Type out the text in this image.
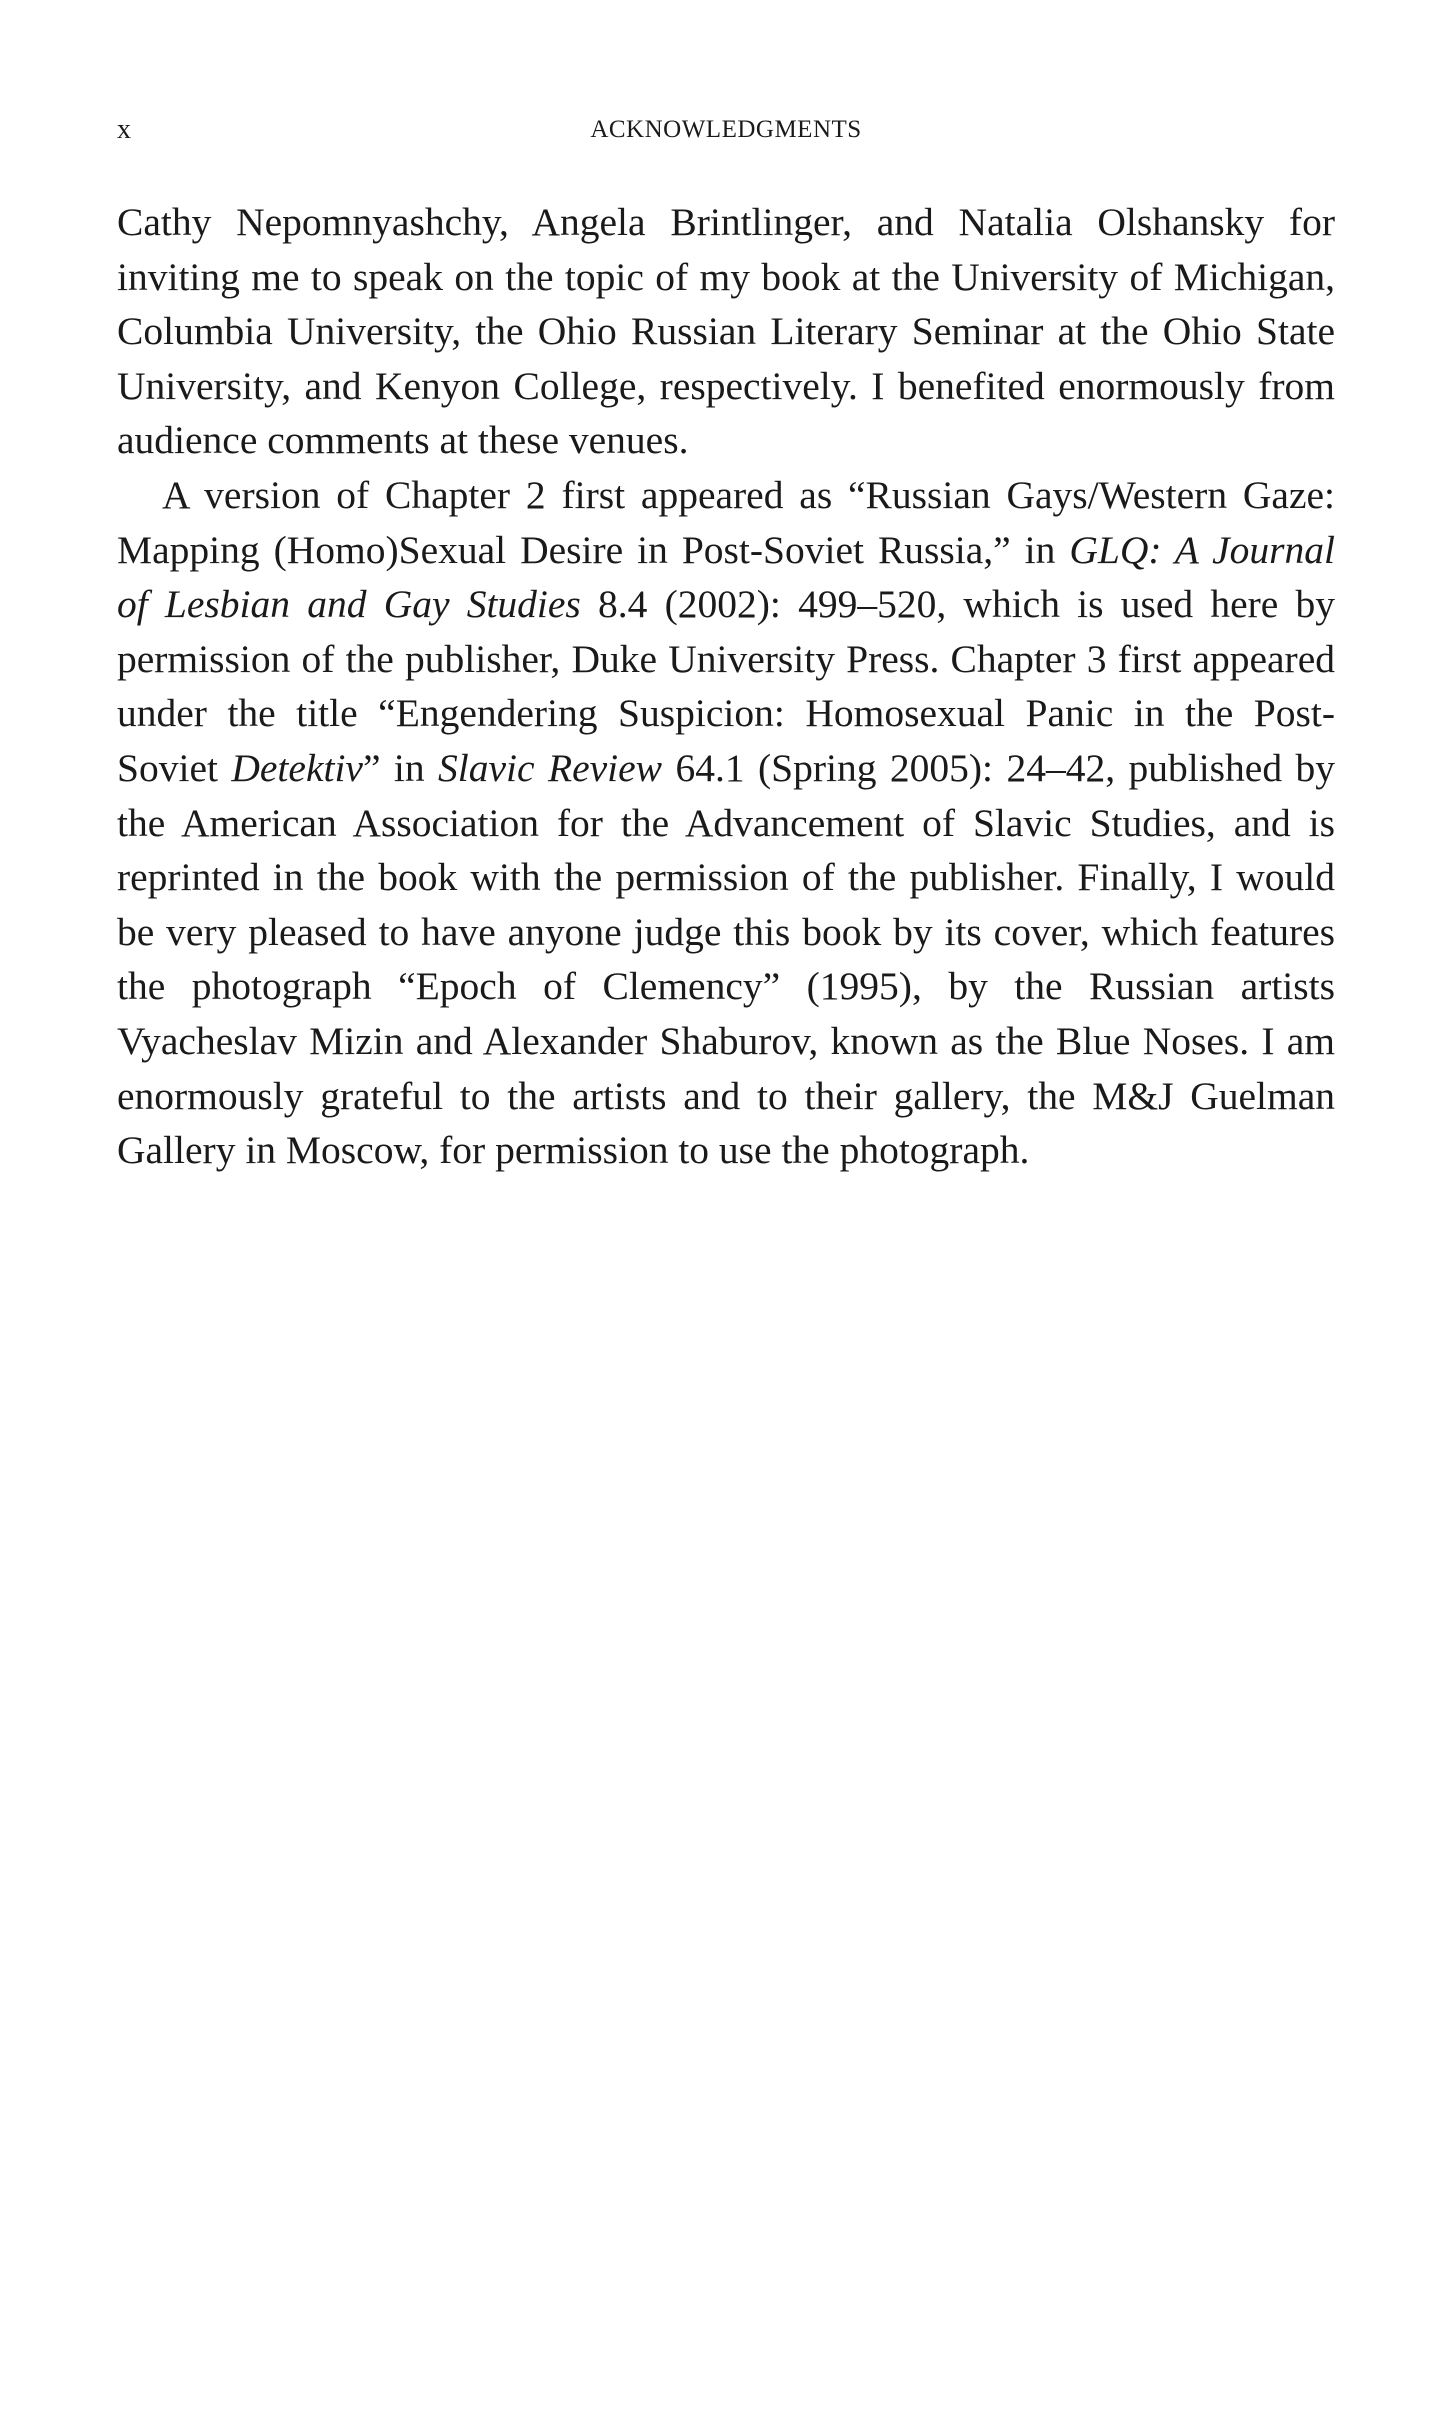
x	ACKNOWLEDGMENTS

Cathy Nepomnyashchy, Angela Brintlinger, and Natalia Olshansky for inviting me to speak on the topic of my book at the University of Michigan, Columbia University, the Ohio Russian Literary Seminar at the Ohio State University, and Kenyon College, respectively. I benefited enormously from audience comments at these venues.

A version of Chapter 2 first appeared as “Russian Gays/Western Gaze: Mapping (Homo)Sexual Desire in Post-Soviet Russia,” in GLQ: A Journal of Lesbian and Gay Studies 8.4 (2002): 499–520, which is used here by permission of the publisher, Duke University Press. Chapter 3 first appeared under the title “Engendering Suspicion: Homosexual Panic in the Post-Soviet Detektiv” in Slavic Review 64.1 (Spring 2005): 24–42, published by the American Association for the Advancement of Slavic Studies, and is reprinted in the book with the permission of the publisher. Finally, I would be very pleased to have anyone judge this book by its cover, which features the photograph “Epoch of Clemency” (1995), by the Russian artists Vyacheslav Mizin and Alexander Shaburov, known as the Blue Noses. I am enormously grateful to the artists and to their gallery, the M&J Guelman Gallery in Moscow, for permission to use the photograph.
